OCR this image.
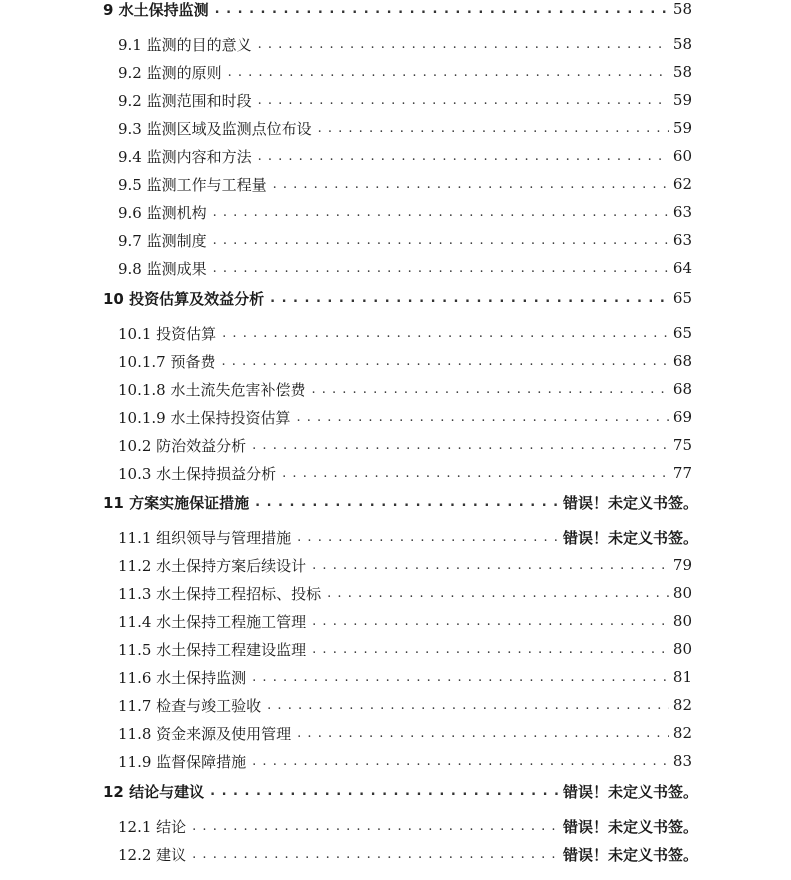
9 水土保持监测 . . .	58
9.1 监测的目的意义 . . .	58
9.2 监测的原则 . . .	58
9.2 监测范围和时段 . . .	59
9.3 监测区域及监测点位布设 . . .	59
9.4 监测内容和方法 . . .	60
9.5 监测工作与工程量 . . .	62
9.6 监测机构 . . .	63
9.7 监测制度 . . .	63
9.8 监测成果 . . .	64
10 投资估算及效益分析 . . .	65
10.1 投资估算 . . .	65
10.1.7 预备费 . . .	68
10.1.8 水土流失危害补偿费 . . .	68
10.1.9 水土保持投资估算 . . .	69
10.2 防治效益分析 . . .	75
10.3 水土保持损益分析 . . .	77
11 方案实施保证措施 . . .	错误！未定义书签。
11.1 组织领导与管理措施 . . .	错误！未定义书签。
11.2 水土保持方案后续设计 . . .	79
11.3 水土保持工程招标、投标 . . .	80
11.4 水土保持工程施工管理 . . .	80
11.5 水土保持工程建设监理 . . .	80
11.6 水土保持监测 . . .	81
11.7 检查与竣工验收 . . .	82
11.8 资金来源及使用管理 . . .	82
11.9 监督保障措施 . . .	83
12 结论与建议 . . .	错误！未定义书签。
12.1 结论 . . .	错误！未定义书签。
12.2 建议 . . .	错误！未定义书签。
